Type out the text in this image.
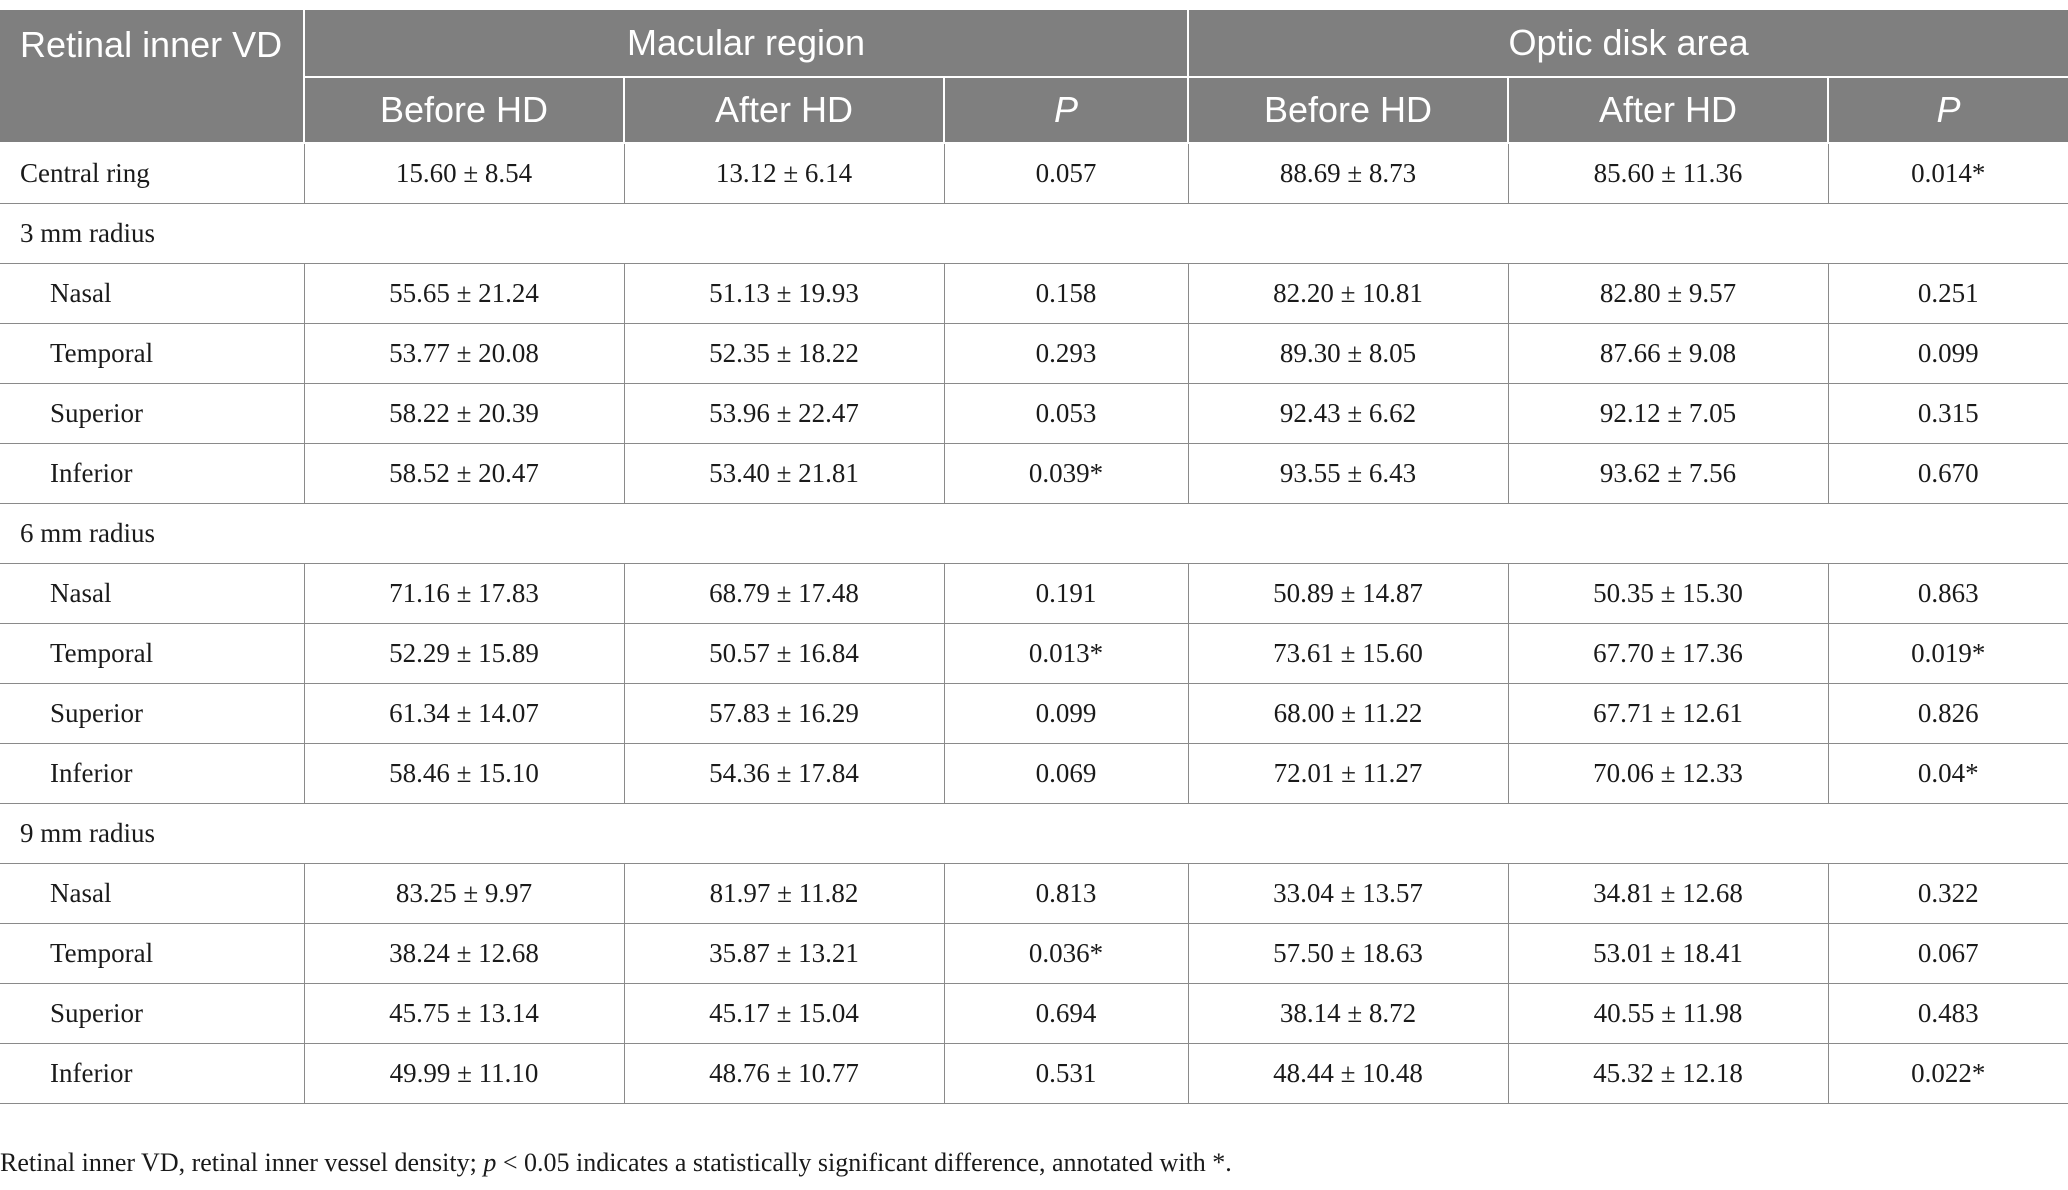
Retinal inner VD	Macular region			Optic disk area		
	Before HD	After HD	P	Before HD	After HD	P
Central ring	15.60 ± 8.54	13.12 ± 6.14	0.057	88.69 ± 8.73	85.60 ± 11.36	0.014*
3 mm radius						
Nasal	55.65 ± 21.24	51.13 ± 19.93	0.158	82.20 ± 10.81	82.80 ± 9.57	0.251
Temporal	53.77 ± 20.08	52.35 ± 18.22	0.293	89.30 ± 8.05	87.66 ± 9.08	0.099
Superior	58.22 ± 20.39	53.96 ± 22.47	0.053	92.43 ± 6.62	92.12 ± 7.05	0.315
Inferior	58.52 ± 20.47	53.40 ± 21.81	0.039*	93.55 ± 6.43	93.62 ± 7.56	0.670
6 mm radius						
Nasal	71.16 ± 17.83	68.79 ± 17.48	0.191	50.89 ± 14.87	50.35 ± 15.30	0.863
Temporal	52.29 ± 15.89	50.57 ± 16.84	0.013*	73.61 ± 15.60	67.70 ± 17.36	0.019*
Superior	61.34 ± 14.07	57.83 ± 16.29	0.099	68.00 ± 11.22	67.71 ± 12.61	0.826
Inferior	58.46 ± 15.10	54.36 ± 17.84	0.069	72.01 ± 11.27	70.06 ± 12.33	0.04*
9 mm radius						
Nasal	83.25 ± 9.97	81.97 ± 11.82	0.813	33.04 ± 13.57	34.81 ± 12.68	0.322
Temporal	38.24 ± 12.68	35.87 ± 13.21	0.036*	57.50 ± 18.63	53.01 ± 18.41	0.067
Superior	45.75 ± 13.14	45.17 ± 15.04	0.694	38.14 ± 8.72	40.55 ± 11.98	0.483
Inferior	49.99 ± 11.10	48.76 ± 10.77	0.531	48.44 ± 10.48	45.32 ± 12.18	0.022*
Retinal inner VD, retinal inner vessel density; p < 0.05 indicates a statistically significant difference, annotated with *.
